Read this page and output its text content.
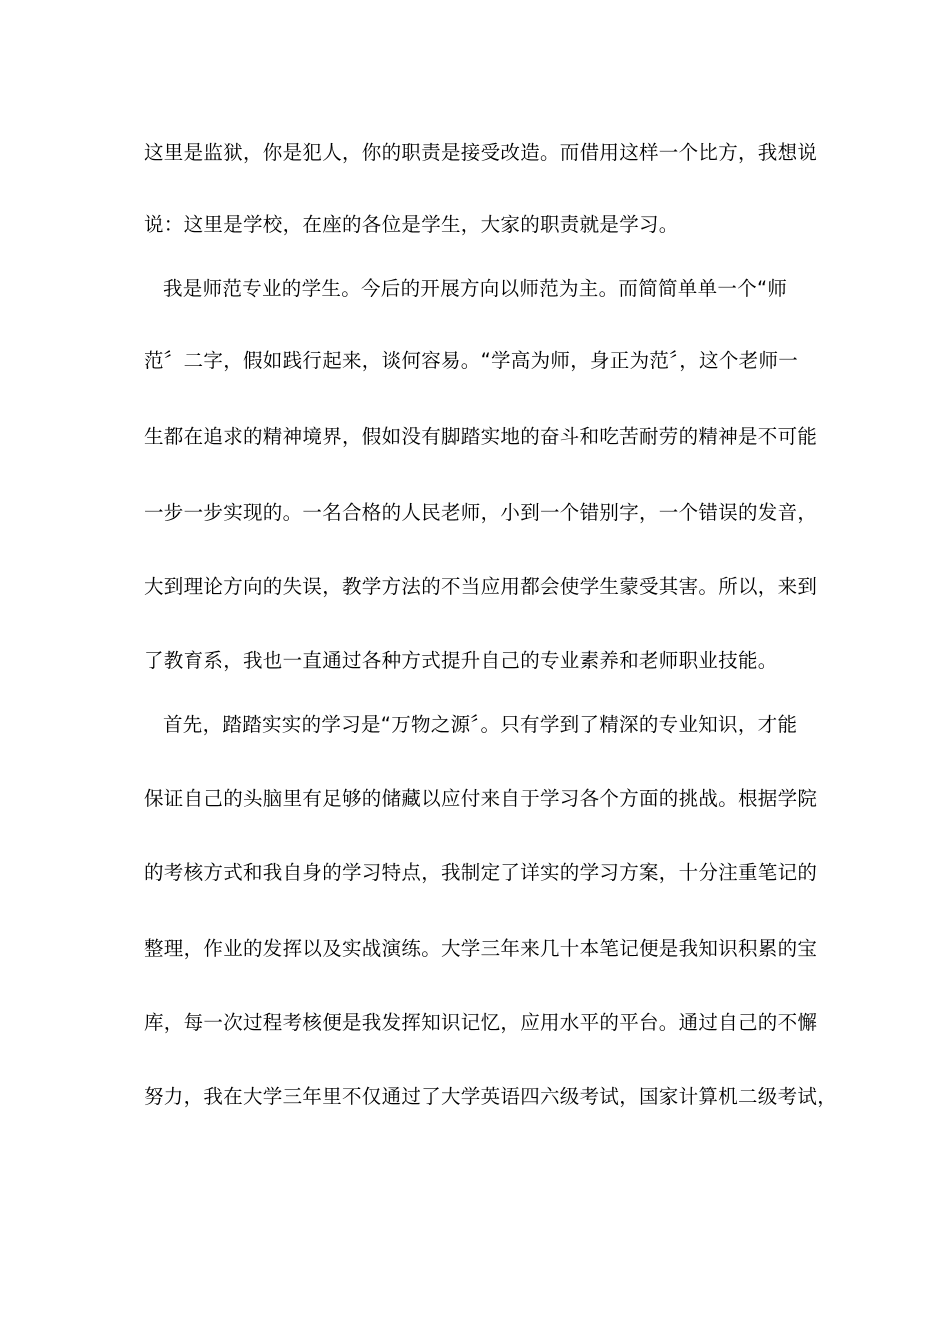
这里是监狱，你是犯人，你的职责是接受改造。而借用这样一个比方，我想说
说：这里是学校，在座的各位是学生，大家的职责就是学习。
我是师范专业的学生。今后的开展方向以师范为主。而简简单单一个“师
范〞二字，假如践行起来，谈何容易。“学高为师，身正为范〞，这个老师一
生都在追求的精神境界，假如没有脚踏实地的奋斗和吃苦耐劳的精神是不可能
一步一步实现的。一名合格的人民老师，小到一个错别字，一个错误的发音，
大到理论方向的失误，教学方法的不当应用都会使学生蒙受其害。所以，来到
了教育系，我也一直通过各种方式提升自己的专业素养和老师职业技能。
首先，踏踏实实的学习是“万物之源〞。只有学到了精深的专业知识，才能
保证自己的头脑里有足够的储藏以应付来自于学习各个方面的挑战。根据学院
的考核方式和我自身的学习特点，我制定了详实的学习方案，十分注重笔记的
整理，作业的发挥以及实战演练。大学三年来几十本笔记便是我知识积累的宝
库，每一次过程考核便是我发挥知识记忆，应用水平的平台。通过自己的不懈
努力，我在大学三年里不仅通过了大学英语四六级考试，国家计算机二级考试，
